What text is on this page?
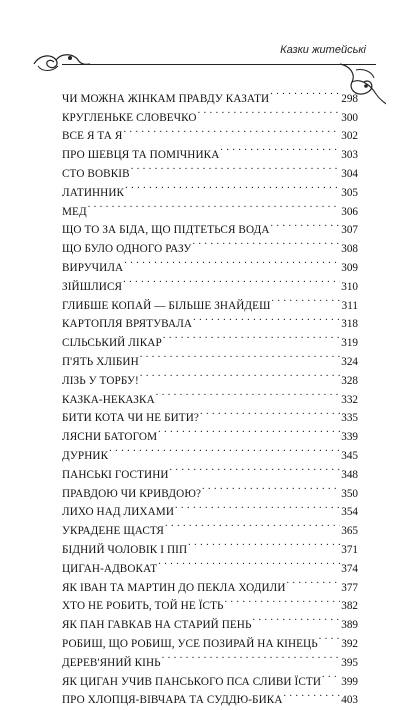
Казки житейські
ЧИ МОЖНА ЖІНКАМ ПРАВДУ КАЗАТИ . . .	298
КРУГЛЕНЬКЕ СЛОВЕЧКО . . .	300
ВСЕ Я ТА Я . . .	302
ПРО ШЕВЦЯ ТА ПОМІЧНИКА . . .	303
СТО ВОВКІВ . . .	304
ЛАТИННИК . . .	305
МЕД . . .	306
ЩО ТО ЗА БІДА, ЩО ПІДТЕТЬСЯ ВОДА . . .	307
ЩО БУЛО ОДНОГО РАЗУ . . .	308
ВИРУЧИЛА . . .	309
ЗІЙШЛИСЯ . . .	310
ГЛИБШЕ КОПАЙ — БІЛЬШЕ ЗНАЙДЕШ . . .	311
КАРТОПЛЯ ВРЯТУВАЛА . . .	318
СІЛЬСЬКИЙ ЛІКАР . . .	319
П'ЯТЬ ХЛІБИН . . .	324
ЛІЗЬ У ТОРБУ! . . .	328
КАЗКА-НЕКАЗКА . . .	332
БИТИ КОТА ЧИ НЕ БИТИ? . . .	335
ЛЯСНИ БАТОГОМ . . .	339
ДУРНИК . . .	345
ПАНСЬКІ ГОСТИНИ . . .	348
ПРАВДОЮ ЧИ КРИВДОЮ? . . .	350
ЛИХО НАД ЛИХАМИ . . .	354
УКРАДЕНЕ ЩАСТЯ . . .	365
БІДНИЙ ЧОЛОВІК І ПІП . . .	371
ЦИГАН-АДВОКАТ . . .	374
ЯК ІВАН ТА МАРТИН ДО ПЕКЛА ХОДИЛИ . . .	377
ХТО НЕ РОБИТЬ, ТОЙ НЕ ЇСТЬ . . .	382
ЯК ПАН ГАВКАВ НА СТАРИЙ ПЕНЬ . . .	389
РОБИШ, ЩО РОБИШ, УСЕ ПОЗИРАЙ НА КІНЕЦЬ . . . 392
ДЕРЕВ'ЯНИЙ КІНЬ . . .	395
ЯК ЦИГАН УЧИВ ПАНСЬКОГО ПСА СЛИВИ ЇСТИ . . . 399
ПРО ХЛОПЦЯ-ВІВЧАРА ТА СУДДЮ-БИКА . . .	403
